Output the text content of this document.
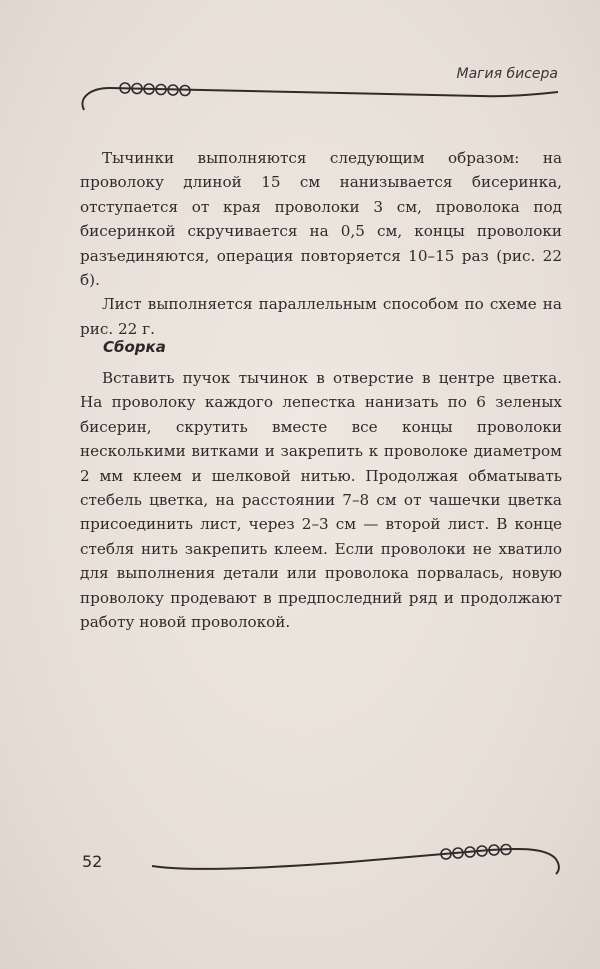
Магия бисера

Тычинки выполняются следующим образом: на проволоку длиной 15 см нанизывается бисеринка, отступается от края проволоки 3 см, проволока под бисеринкой скручивается на 0,5 см, концы проволоки разъединяются, операция повторяется 10–15 раз (рис. 22 б).

Лист выполняется параллельным способом по схеме на рис. 22 г.

Сборка

Вставить пучок тычинок в отверстие в центре цветка. На проволоку каждого лепестка нанизать по 6 зеленых бисерин, скрутить вместе все концы проволоки несколькими витками и закрепить к проволоке диаметром 2 мм клеем и шелковой нитью. Продолжая обматывать стебель цветка, на расстоянии 7–8 см от чашечки цветка присоединить лист, через 2–3 см — второй лист. В конце стебля нить закрепить клеем. Если проволоки не хватило для выполнения детали или проволока порвалась, новую проволоку продевают в предпоследний ряд и продолжают работу новой проволокой.

52
